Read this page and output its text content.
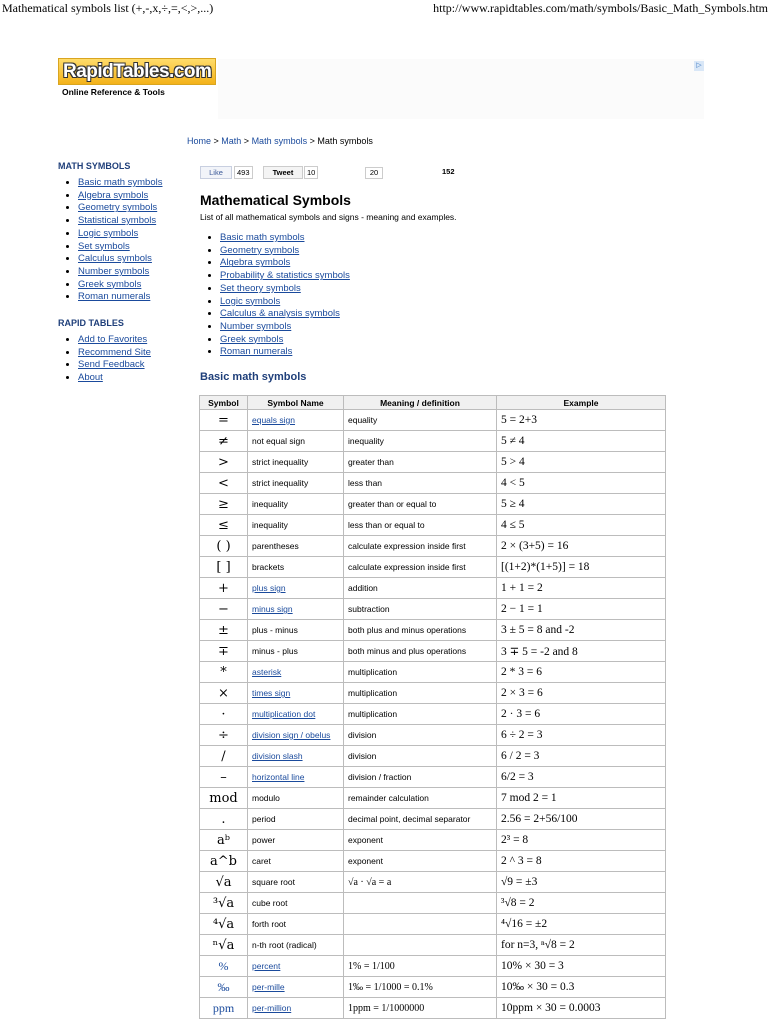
Mathematical symbols list (+,-,x,÷,=,<,>,...)	http://www.rapidtables.com/math/symbols/Basic_Math_Symbols.htm
RapidTables.com
Online Reference & Tools
▷
Home > Math > Math symbols > Math symbols
MATH SYMBOLS
• Basic math symbols
• Algebra symbols
• Geometry symbols
• Statistical symbols
• Logic symbols
• Set symbols
• Calculus symbols
• Number symbols
• Greek symbols
• Roman numerals
RAPID TABLES
• Add to Favorites
• Recommend Site
• Send Feedback
• About
Like	493	Tweet	10	20	152
Mathematical Symbols
List of all mathematical symbols and signs - meaning and examples.
• Basic math symbols
• Geometry symbols
• Algebra symbols
• Probability & statistics symbols
• Set theory symbols
• Logic symbols
• Calculus & analysis symbols
• Number symbols
• Greek symbols
• Roman numerals
Basic math symbols
Symbol	Symbol Name	Meaning / definition	Example
=	equals sign	equality	5 = 2+3
≠	not equal sign	inequality	5 ≠ 4
>	strict inequality	greater than	5 > 4
<	strict inequality	less than	4 < 5
≥	inequality	greater than or equal to	5 ≥ 4
≤	inequality	less than or equal to	4 ≤ 5
( )	parentheses	calculate expression inside first	2 × (3+5) = 16
[ ]	brackets	calculate expression inside first	[(1+2)*(1+5)] = 18
+	plus sign	addition	1 + 1 = 2
−	minus sign	subtraction	2 − 1 = 1
±	plus - minus	both plus and minus operations	3 ± 5 = 8 and -2
∓	minus - plus	both minus and plus operations	3 ∓ 5 = -2 and 8
*	asterisk	multiplication	2 * 3 = 6
×	times sign	multiplication	2 × 3 = 6
·	multiplication dot	multiplication	2 · 3 = 6
÷	division sign / obelus	division	6 ÷ 2 = 3
/	division slash	division	6 / 2 = 3
–	horizontal line	division / fraction	6/2 = 3
mod	modulo	remainder calculation	7 mod 2 = 1
.	period	decimal point, decimal separator	2.56 = 2+56/100
aᵇ	power	exponent	2³ = 8
a^b	caret	exponent	2 ^ 3 = 8
√a	square root	√a · √a = a	√9 = ±3
³√a	cube root		³√8 = 2
⁴√a	forth root		⁴√16 = ±2
ⁿ√a	n-th root (radical)		for n=3, ⁿ√8 = 2
%	percent	1% = 1/100	10% × 30 = 3
‰	per-mille	1‰ = 1/1000 = 0.1%	10‰ × 30 = 0.3
ppm	per-million	1ppm = 1/1000000	10ppm × 30 = 0.0003
